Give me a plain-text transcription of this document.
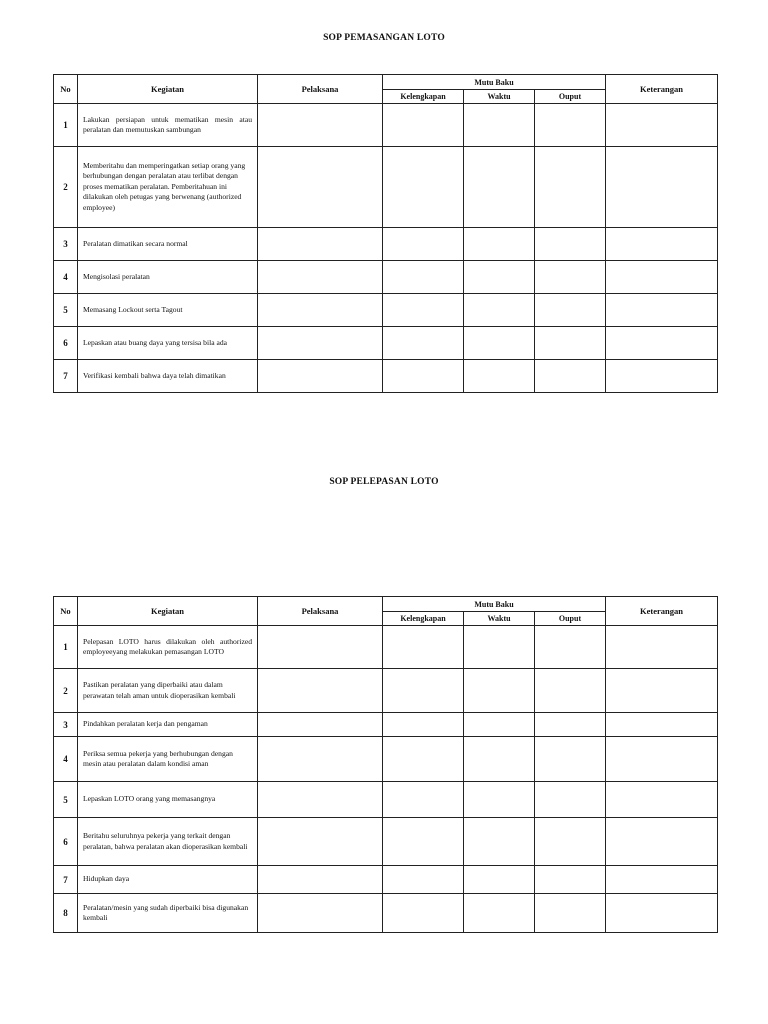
SOP PEMASANGAN LOTO
No	Kegiatan	Pelaksana	Mutu Baku			Keterangan
			Kelengkapan	Waktu	Ouput	
1	Lakukan persiapan untuk mematikan mesin atau peralatan dan memutuskan sambungan					
2	Memberitahu dan memperingatkan setiap orang yang berhubungan dengan peralatan atau terlibat dengan proses mematikan peralatan. Pemberitahuan ini dilakukan oleh petugas yang berwenang (authorized employee)					
3	Peralatan dimatikan secara normal					
4	Mengisolasi peralatan					
5	Memasang Lockout serta Tagout					
6	Lepaskan atau buang daya yang tersisa bila ada					
7	Verifikasi kembali bahwa daya telah dimatikan					
SOP PELEPASAN LOTO
No	Kegiatan	Pelaksana	Mutu Baku			Keterangan
			Kelengkapan	Waktu	Ouput	
1	Pelepasan LOTO harus dilakukan oleh authorized employeeyang melakukan pemasangan LOTO					
2	Pastikan peralatan yang diperbaiki atau dalam perawatan telah aman untuk dioperasikan kembali					
3	Pindahkan peralatan kerja dan pengaman					
4	Periksa semua pekerja yang berhubungan dengan mesin atau peralatan dalam kondisi aman					
5	Lepaskan LOTO orang yang memasangnya					
6	Beritahu seluruhnya pekerja yang terkait dengan peralatan, bahwa peralatan akan dioperasikan kembali					
7	Hidupkan daya					
8	Peralatan/mesin yang sudah diperbaiki bisa digunakan kembali					
